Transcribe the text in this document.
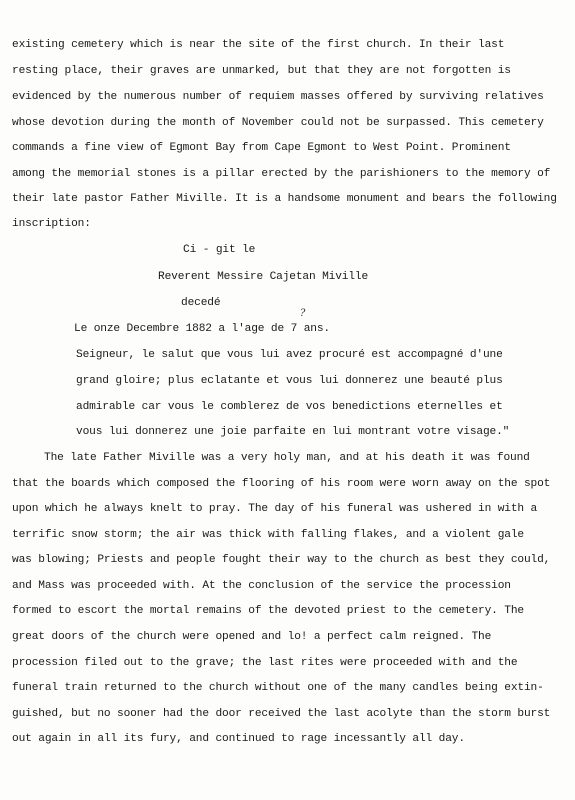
existing cemetery which is near the site of the first church. In their last
resting place, their graves are unmarked, but that they are not forgotten is
evidenced by the numerous number of requiem masses offered by surviving relatives
whose devotion during the month of November could not be surpassed. This cemetery
commands a fine view of Egmont Bay from Cape Egmont to West Point. Prominent
among the memorial stones is a pillar erected by the parishioners to the memory of
their late pastor Father Miville. It is a handsome monument and bears the following
inscription:
Ci - git le
Reverent Messire Cajetan Miville
decedé
?
Le onze Decembre 1882 a l'age de 7 ans.
Seigneur, le salut que vous lui avez procuré est accompagné d'une
grand gloire; plus eclatante et vous lui donnerez une beauté plus
admirable car vous le comblerez de vos benedictions eternelles et
vous lui donnerez une joie parfaite en lui montrant votre visage."
The late Father Miville was a very holy man, and at his death it was found
that the boards which composed the flooring of his room were worn away on the spot
upon which he always knelt to pray. The day of his funeral was ushered in with a
terrific snow storm; the air was thick with falling flakes, and a violent gale
was blowing; Priests and people fought their way to the church as best they could,
and Mass was proceeded with. At the conclusion of the service the procession
formed to escort the mortal remains of the devoted priest to the cemetery. The
great doors of the church were opened and lo! a perfect calm reigned. The
procession filed out to the grave; the last rites were proceeded with and the
funeral train returned to the church without one of the many candles being extin-
guished, but no sooner had the door received the last acolyte than the storm burst
out again in all its fury, and continued to rage incessantly all day.
